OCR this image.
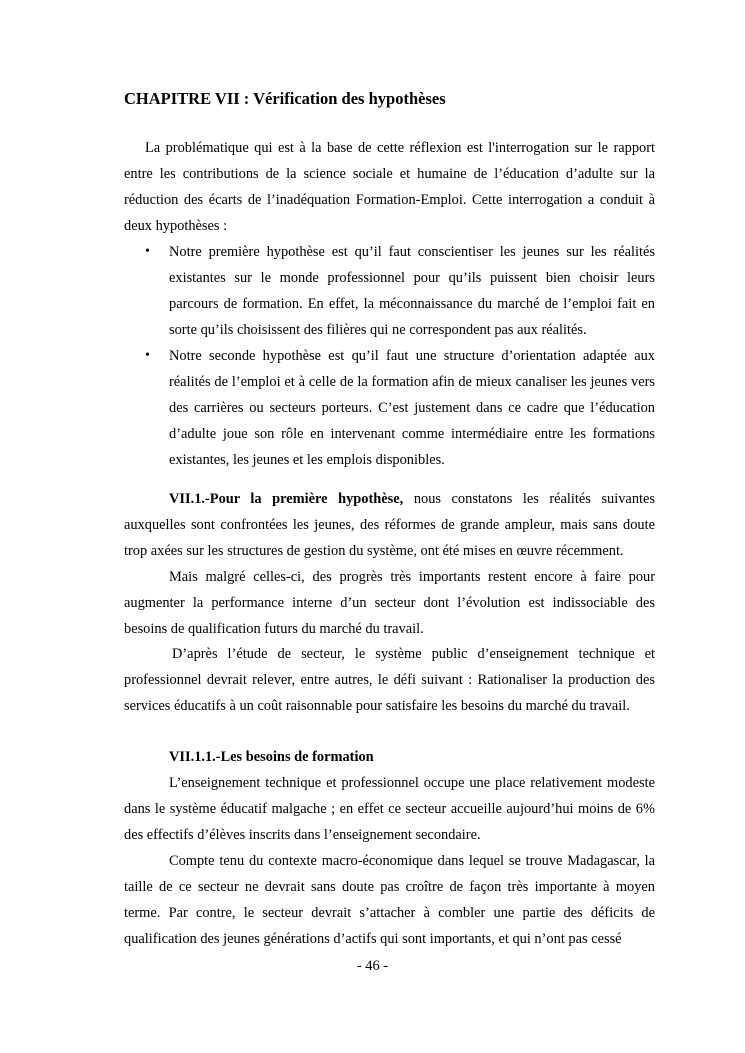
CHAPITRE VII : Vérification des hypothèses

La problématique qui est à la base de cette réflexion est l'interrogation sur le rapport entre les contributions de la science sociale et humaine de l’éducation d’adulte sur la réduction des écarts de l’inadéquation Formation-Emploi. Cette interrogation a conduit à deux hypothèses :

•	Notre première hypothèse est qu’il faut conscientiser les jeunes sur les réalités existantes sur le monde professionnel pour qu’ils puissent bien choisir leurs parcours de formation. En effet, la méconnaissance du marché de l’emploi fait en sorte qu’ils choisissent des filières qui ne correspondent pas aux réalités.
•	Notre seconde hypothèse est qu’il faut une structure d’orientation adaptée aux réalités de l’emploi et à celle de la formation afin de mieux canaliser les jeunes vers des carrières ou secteurs porteurs. C’est justement dans ce cadre que l’éducation d’adulte joue son rôle en intervenant comme intermédiaire entre les formations existantes, les jeunes et les emplois disponibles.

VII.1.-Pour la première hypothèse, nous constatons les réalités suivantes auxquelles sont confrontées les jeunes, des réformes de grande ampleur, mais sans doute trop axées sur les structures de gestion du système, ont été mises en œuvre récemment.

Mais malgré celles-ci, des progrès très importants restent encore à faire pour augmenter la performance interne d’un secteur dont l’évolution est indissociable des besoins de qualification futurs du marché du travail.

D’après l’étude de secteur, le système public d’enseignement technique et professionnel devrait relever, entre autres, le défi suivant : Rationaliser la production des services éducatifs à un coût raisonnable pour satisfaire les besoins du marché du travail.

VII.1.1.-Les besoins de formation

L’enseignement technique et professionnel occupe une place relativement modeste dans le système éducatif malgache ; en effet ce secteur accueille aujourd’hui moins de 6% des effectifs d’élèves inscrits dans l’enseignement secondaire.

Compte tenu du contexte macro-économique dans lequel se trouve Madagascar, la taille de ce secteur ne devrait sans doute pas croître de façon très importante à moyen terme. Par contre, le secteur devrait s’attacher à combler une partie des déficits de qualification des jeunes générations d’actifs qui sont importants, et qui n’ont pas cessé

- 46 -
